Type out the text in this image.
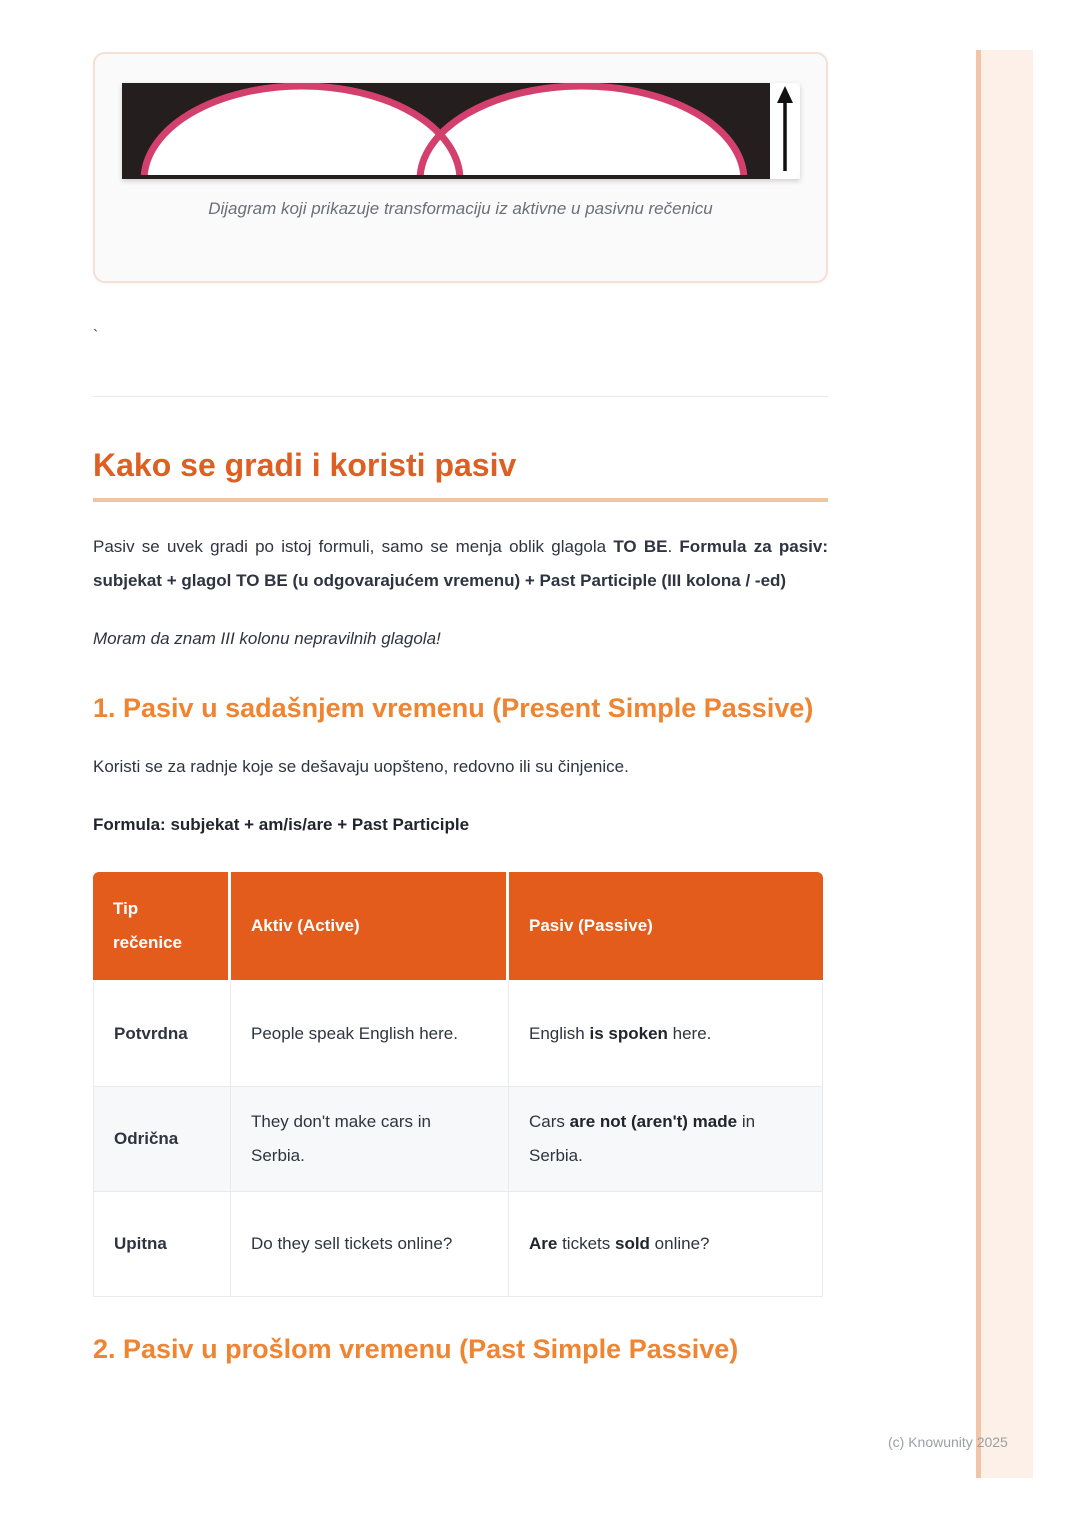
Dijagram koji prikazuje transformaciju iz aktivne u pasivnu rečenicu
`
Kako se gradi i koristi pasiv

Pasiv se uvek gradi po istoj formuli, samo se menja oblik glagola TO BE. Formula za pasiv: subjekat + glagol TO BE (u odgovarajućem vremenu) + Past Participle (III kolona / -ed)

Moram da znam III kolonu nepravilnih glagola!

1. Pasiv u sadašnjem vremenu (Present Simple Passive)

Koristi se za radnje koje se dešavaju uopšteno, redovno ili su činjenice.

Formula: subjekat + am/is/are + Past Participle

Tip rečenice	Aktiv (Active)	Pasiv (Passive)
Potvrdna	People speak English here.	English is spoken here.
Odrična	They don't make cars in Serbia.	Cars are not (aren't) made in Serbia.
Upitna	Do they sell tickets online?	Are tickets sold online?
2. Pasiv u prošlom vremenu (Past Simple Passive)
(c) Knowunity 2025
